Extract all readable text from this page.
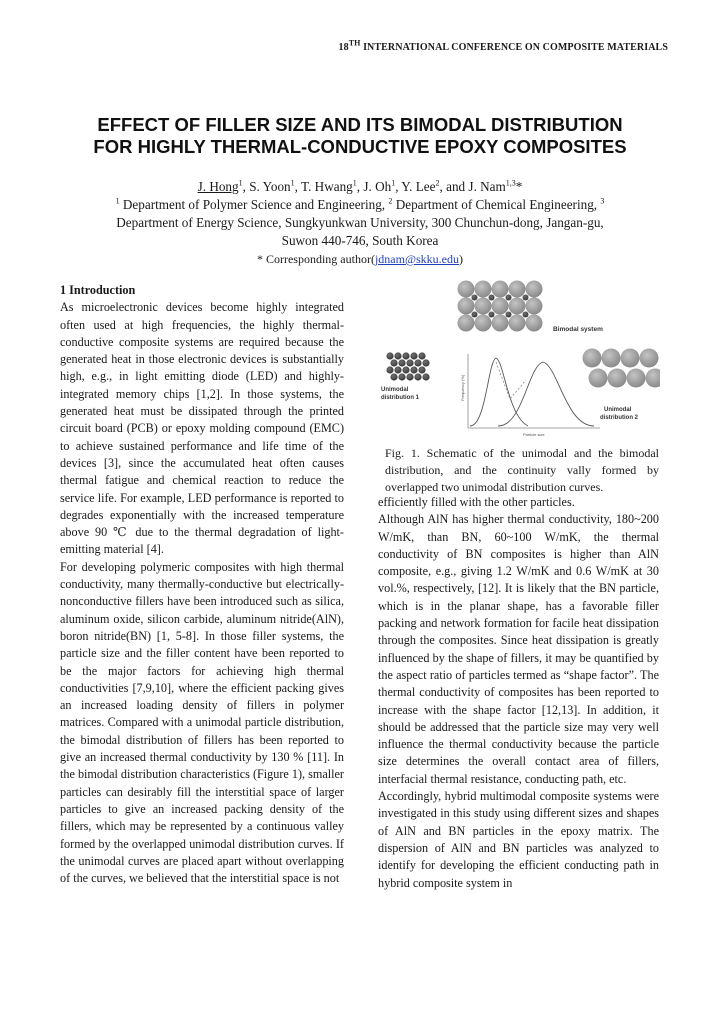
18TH INTERNATIONAL CONFERENCE ON COMPOSITE MATERIALS
EFFECT OF FILLER SIZE AND ITS BIMODAL DISTRIBUTION
FOR HIGHLY THERMAL-CONDUCTIVE EPOXY COMPOSITES
J. Hong$^1$, S. Yoon$^1$, T. Hwang$^1$, J. Oh$^1$, Y. Lee$^2$, and J. Nam$^{1,3}$*
$^1$ Department of Polymer Science and Engineering, $^2$ Department of Chemical Engineering, $^3$
Department of Energy Science, Sungkyunkwan University, 300 Chunchun-dong, Jangan-gu,
Suwon 440-746, South Korea
* Corresponding author(jdnam@skku.edu)

1 Introduction

As microelectronic devices become highly integrated often used at high frequencies, the highly thermal-conductive composite systems are required because the generated heat in those electronic devices is substantially high, e.g., in light emitting diode (LED) and highly-integrated memory chips [1,2]. In those systems, the generated heat must be dissipated through the printed circuit board (PCB) or epoxy molding compound (EMC) to achieve sustained performance and life time of the devices [3], since the accumulated heat often causes thermal fatigue and chemical reaction to reduce the service life. For example, LED performance is reported to degrades exponentially with the increased temperature above 90 ℃ due to the thermal degradation of light-emitting material [4].

For developing polymeric composites with high thermal conductivity, many thermally-conductive but electrically-nonconductive fillers have been introduced such as silica, aluminum oxide, silicon carbide, aluminum nitride(AlN), boron nitride(BN) [1, 5-8]. In those filler systems, the particle size and the filler content have been reported to be the major factors for achieving high thermal conductivities [7,9,10], where the efficient packing gives an increased loading density of fillers in polymer matrices. Compared with a unimodal particle distribution, the bimodal distribution of fillers has been reported to give an increased thermal conductivity by 130 % [11]. In the bimodal distribution characteristics (Figure 1), smaller particles can desirably fill the interstitial space of larger particles to give an increased packing density of the fillers, which may be represented by a continuous valley formed by the overlapped unimodal distribution curves. If the unimodal curves are placed apart without overlapping of the curves, we believed that the interstitial space is not

Bimodal system
Unimodal
distribution 1
Unimodal
distribution 2
Frequency (%)
Particle size
Fig. 1. Schematic of the unimodal and the bimodal distribution, and the continuity vally formed by overlapped two unimodal distribution curves.

efficiently filled with the other particles.

Although AlN has higher thermal conductivity, 180~200 W/mK, than BN, 60~100 W/mK, the thermal conductivity of BN composites is higher than AlN composite, e.g., giving 1.2 W/mK and 0.6 W/mK at 30 vol.%, respectively, [12]. It is likely that the BN particle, which is in the planar shape, has a favorable filler packing and network formation for facile heat dissipation through the composites. Since heat dissipation is greatly influenced by the shape of fillers, it may be quantified by the aspect ratio of particles termed as “shape factor”. The thermal conductivity of composites has been reported to increase with the shape factor [12,13]. In addition, it should be addressed that the particle size may very well influence the thermal conductivity because the particle size determines the overall contact area of fillers, interfacial thermal resistance, conducting path, etc.

Accordingly, hybrid multimodal composite systems were investigated in this study using different sizes and shapes of AlN and BN particles in the epoxy matrix. The dispersion of AlN and BN particles was analyzed to identify for developing the efficient conducting path in hybrid composite system in
